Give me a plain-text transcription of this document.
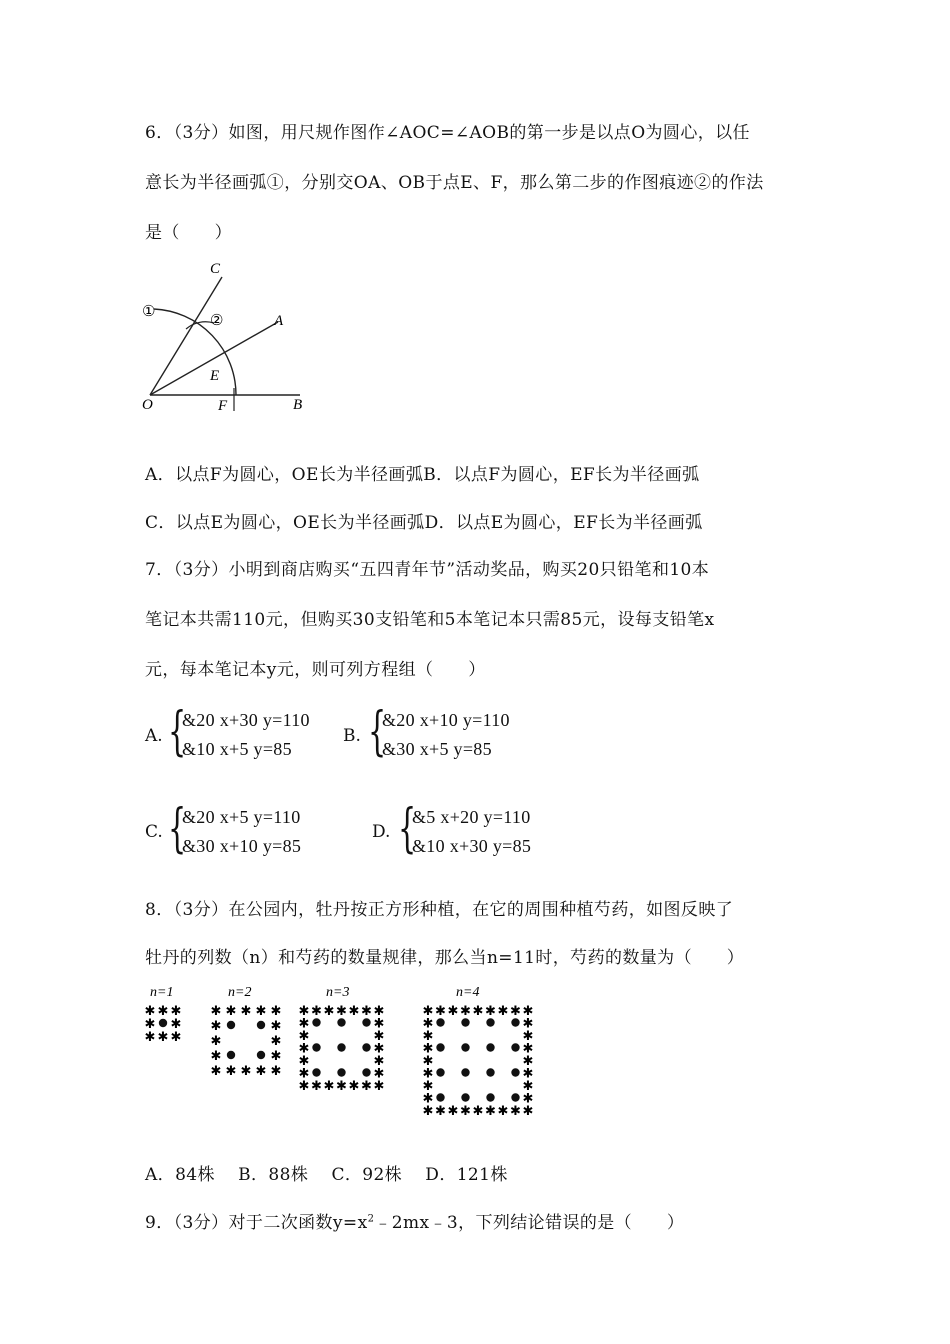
6．（3分）如图，用尺规作图作∠AOC=∠AOB的第一步是以点O为圆心，以任
意长为半径画弧①，分别交OA、OB于点E、F，那么第二步的作图痕迹②的作法
是（　　）
C
A
E
O	F	B
①
②
A．以点F为圆心，OE长为半径画弧B．以点F为圆心，EF长为半径画弧
C．以点E为圆心，OE长为半径画弧D．以点E为圆心，EF长为半径画弧
7．（3分）小明到商店购买“五四青年节”活动奖品，购买20只铅笔和10本
笔记本共需110元，但购买30支铅笔和5本笔记本只需85元，设每支铅笔x
元，每本笔记本y元，则可列方程组（　　）
A. {
&20 x+30 y=110
&10 x+5 y=85
B. {
&20 x+10 y=110
&30 x+5 y=85
C. {
&20 x+5 y=110
&30 x+10 y=85
D. {
&5 x+20 y=110
&10 x+30 y=85
8．（3分）在公园内，牡丹按正方形种植，在它的周围种植芍药，如图反映了
牡丹的列数（n）和芍药的数量规律，那么当n=11时，芍药的数量为（　　）
n=1	n=2	n=3	n=4
✱ ✱ ✱
✱ ✱
✱ ✱ ✱
✱ ✱ ✱ ✱ ✱
✱	✱
✱	✱
✱	✱
✱ ✱ ✱ ✱ ✱
✱ ✱ ✱ ✱ ✱ ✱ ✱
✱	✱
✱	✱
✱	✱
✱	✱
✱	✱
✱ ✱ ✱ ✱ ✱ ✱ ✱
✱ ✱ ✱ ✱ ✱ ✱ ✱ ✱ ✱
✱	✱
✱	✱
✱	✱
✱	✱
✱	✱
✱	✱
✱	✱
✱ ✱ ✱ ✱ ✱ ✱ ✱ ✱ ✱
A．84株　 B．88株　 C．92株　 D．121株
9．（3分）对于二次函数$y=x^2﹣2mx﹣3$，下列结论错误的是（　　）
